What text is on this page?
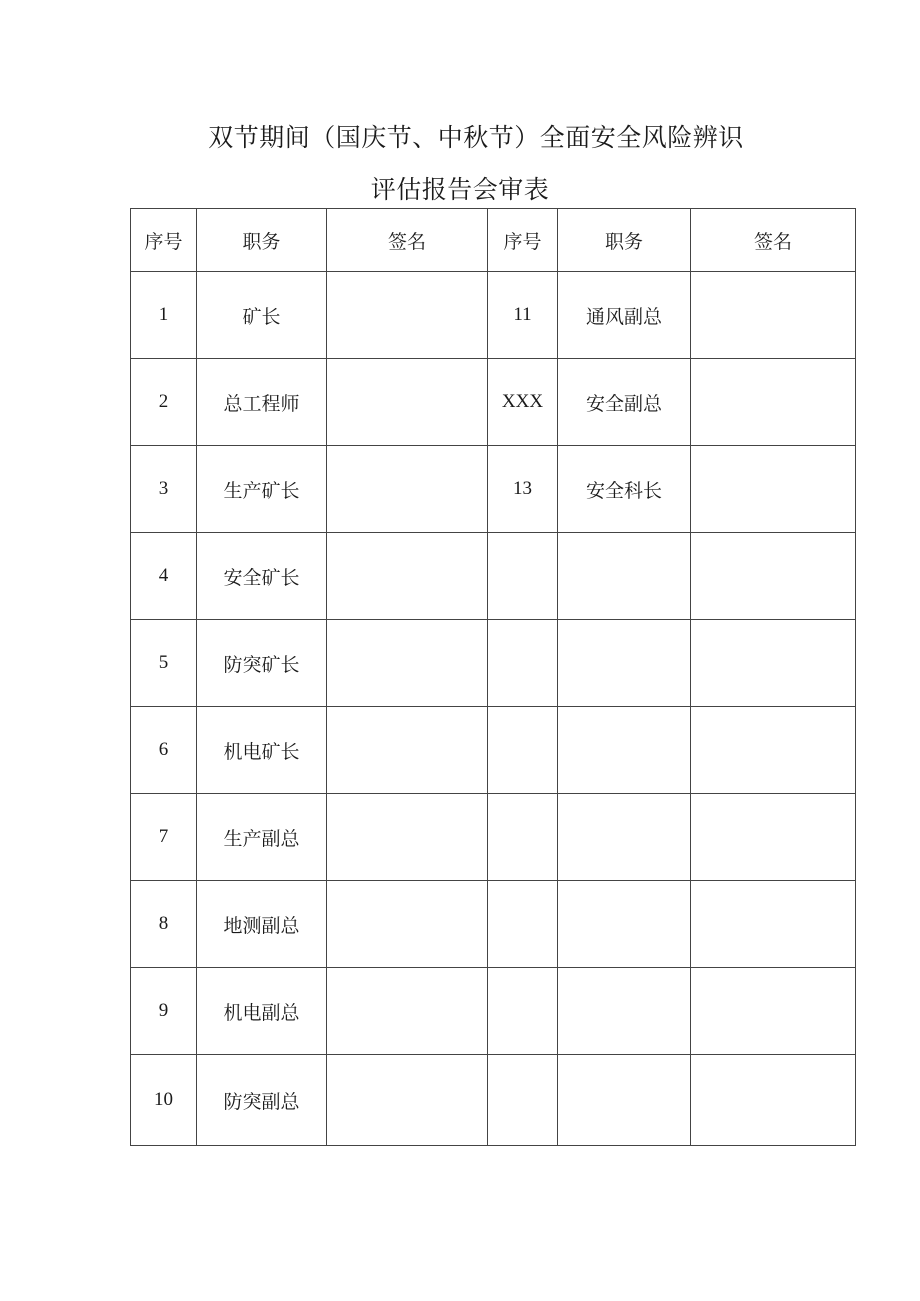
双节期间（国庆节、中秋节）全面安全风险辨识
评估报告会审表
序号	职务	签名	序号	职务	签名
1	矿长		11	通风副总	
2	总工程师		XXX	安全副总	
3	生产矿长		13	安全科长	
4	安全矿长				
5	防突矿长				
6	机电矿长				
7	生产副总				
8	地测副总				
9	机电副总				
10	防突副总				
